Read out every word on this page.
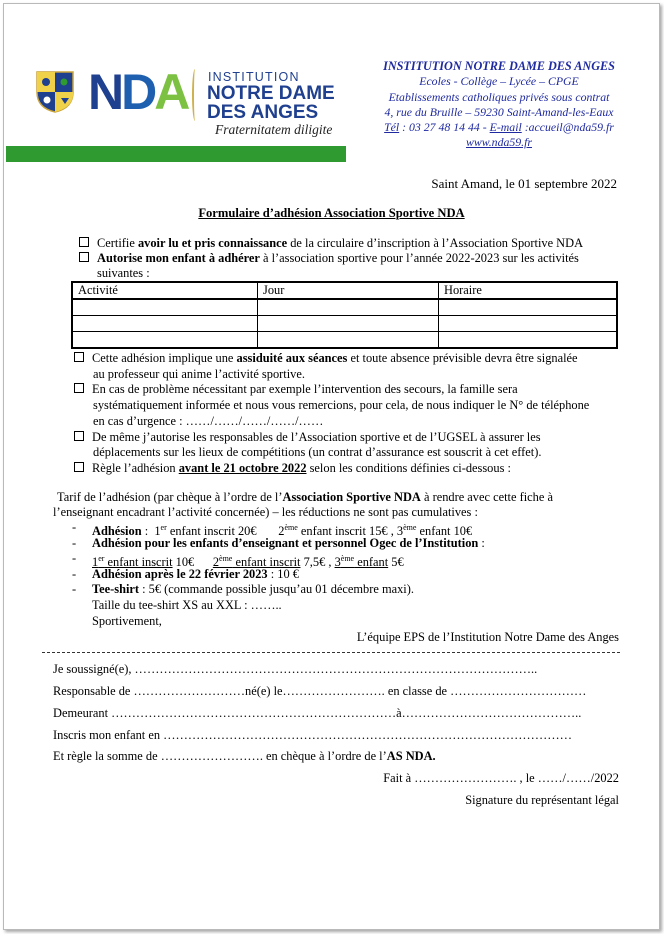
NDA INSTITUTION
NOTRE DAME
DES ANGES
Fraternitatem diligite
INSTITUTION NOTRE DAME DES ANGES
Ecoles - Collège – Lycée – CPGE
Etablissements catholiques privés sous contrat
4, rue du Bruille – 59230 Saint-Amand-les-Eaux
Tél : 03 27 48 14 44 - E-mail :accueil@nda59.fr
www.nda59.fr
Saint Amand, le 01 septembre 2022
Formulaire d’adhésion Association Sportive NDA
Certifie avoir lu et pris connaissance de la circulaire d’inscription à l’Association Sportive NDA
Autorise mon enfant à adhérer à l’association sportive pour l’année 2022-2023 sur les activités
suivantes :
Activité	Jour	Horaire

Cette adhésion implique une assiduité aux séances et toute absence prévisible devra être signalée
au professeur qui anime l’activité sportive.
En cas de problème nécessitant par exemple l’intervention des secours, la famille sera
systématiquement informée et nous vous remercions, pour cela, de nous indiquer le N° de téléphone
en cas d’urgence : ……/……/……/……/……
De même j’autorise les responsables de l’Association sportive et de l’UGSEL à assurer les
déplacements sur les lieux de compétitions (un contrat d’assurance est souscrit à cet effet).
Règle l’adhésion avant le 21 octobre 2022 selon les conditions définies ci-dessous :
Tarif de l’adhésion (par chèque à l’ordre de l’Association Sportive NDA à rendre avec cette fiche à
l’enseignant encadrant l’activité concernée) – les réductions ne sont pas cumulatives :
- Adhésion : 1er enfant inscrit 20€ 2ème enfant inscrit 15€ , 3ème enfant 10€
- Adhésion pour les enfants d’enseignant et personnel Ogec de l’Institution :
- 1er enfant inscrit 10€ 2ème enfant inscrit 7,5€ , 3ème enfant 5€
- Adhésion après le 22 février 2023 : 10 €
- Tee-shirt : 5€ (commande possible jusqu’au 01 décembre maxi).
Taille du tee-shirt XS au XXL : ……..
Sportivement,
L’équipe EPS de l’Institution Notre Dame des Anges
Je soussigné(e), ……………………………………………………………………………………..
Responsable de ………………………né(e) le……………………. en classe de ……………………………
Demeurant ……………………………………………………………à……………………………………..
Inscris mon enfant en ………………………………………………………………………………………
Et règle la somme de ……………………. en chèque à l’ordre de l’AS NDA.
Fait à ……………………. , le ……/……/2022
Signature du représentant légal
